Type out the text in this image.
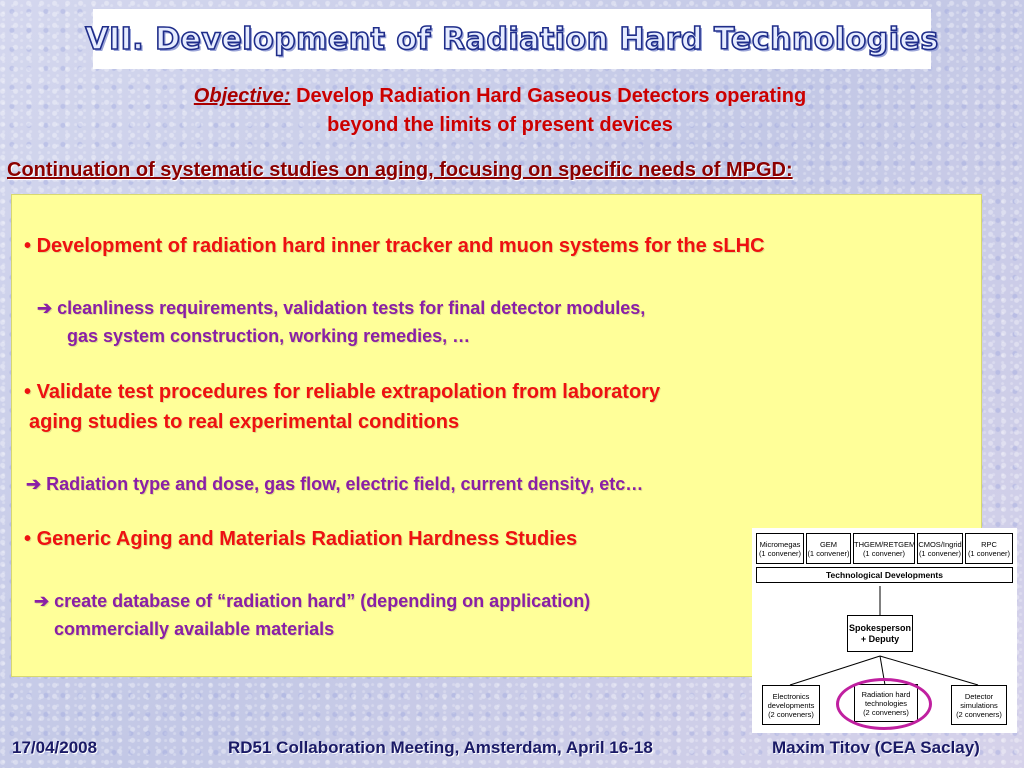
VII. Development of Radiation Hard Technologies
Objective: Develop Radiation Hard Gaseous Detectors operating
beyond the limits of present devices
Continuation of systematic studies on aging, focusing on specific needs of MPGD:
• Development of radiation hard inner tracker and muon systems for the sLHC
➔ cleanliness requirements, validation tests for final detector modules,
gas system construction, working remedies, …
• Validate test procedures for reliable extrapolation from laboratory
aging studies to real experimental conditions
➔ Radiation type and dose, gas flow, electric field, current density, etc…
• Generic Aging and Materials Radiation Hardness Studies
➔ create database of “radiation hard” (depending on application)
commercially available materials
Micromegas
(1 convener)
GEM
(1 convener)
THGEM/RETGEM
(1 convener)
CMOS/Ingrid
(1 convener)
RPC
(1 convener)
Technological Developments
Spokesperson
+ Deputy
Electronics
developments
(2 conveners)
Radiation hard
technologies
(2 conveners)
Detector
simulations
(2 conveners)
17/04/2008	RD51 Collaboration Meeting, Amsterdam, April 16-18	Maxim Titov (CEA Saclay)
